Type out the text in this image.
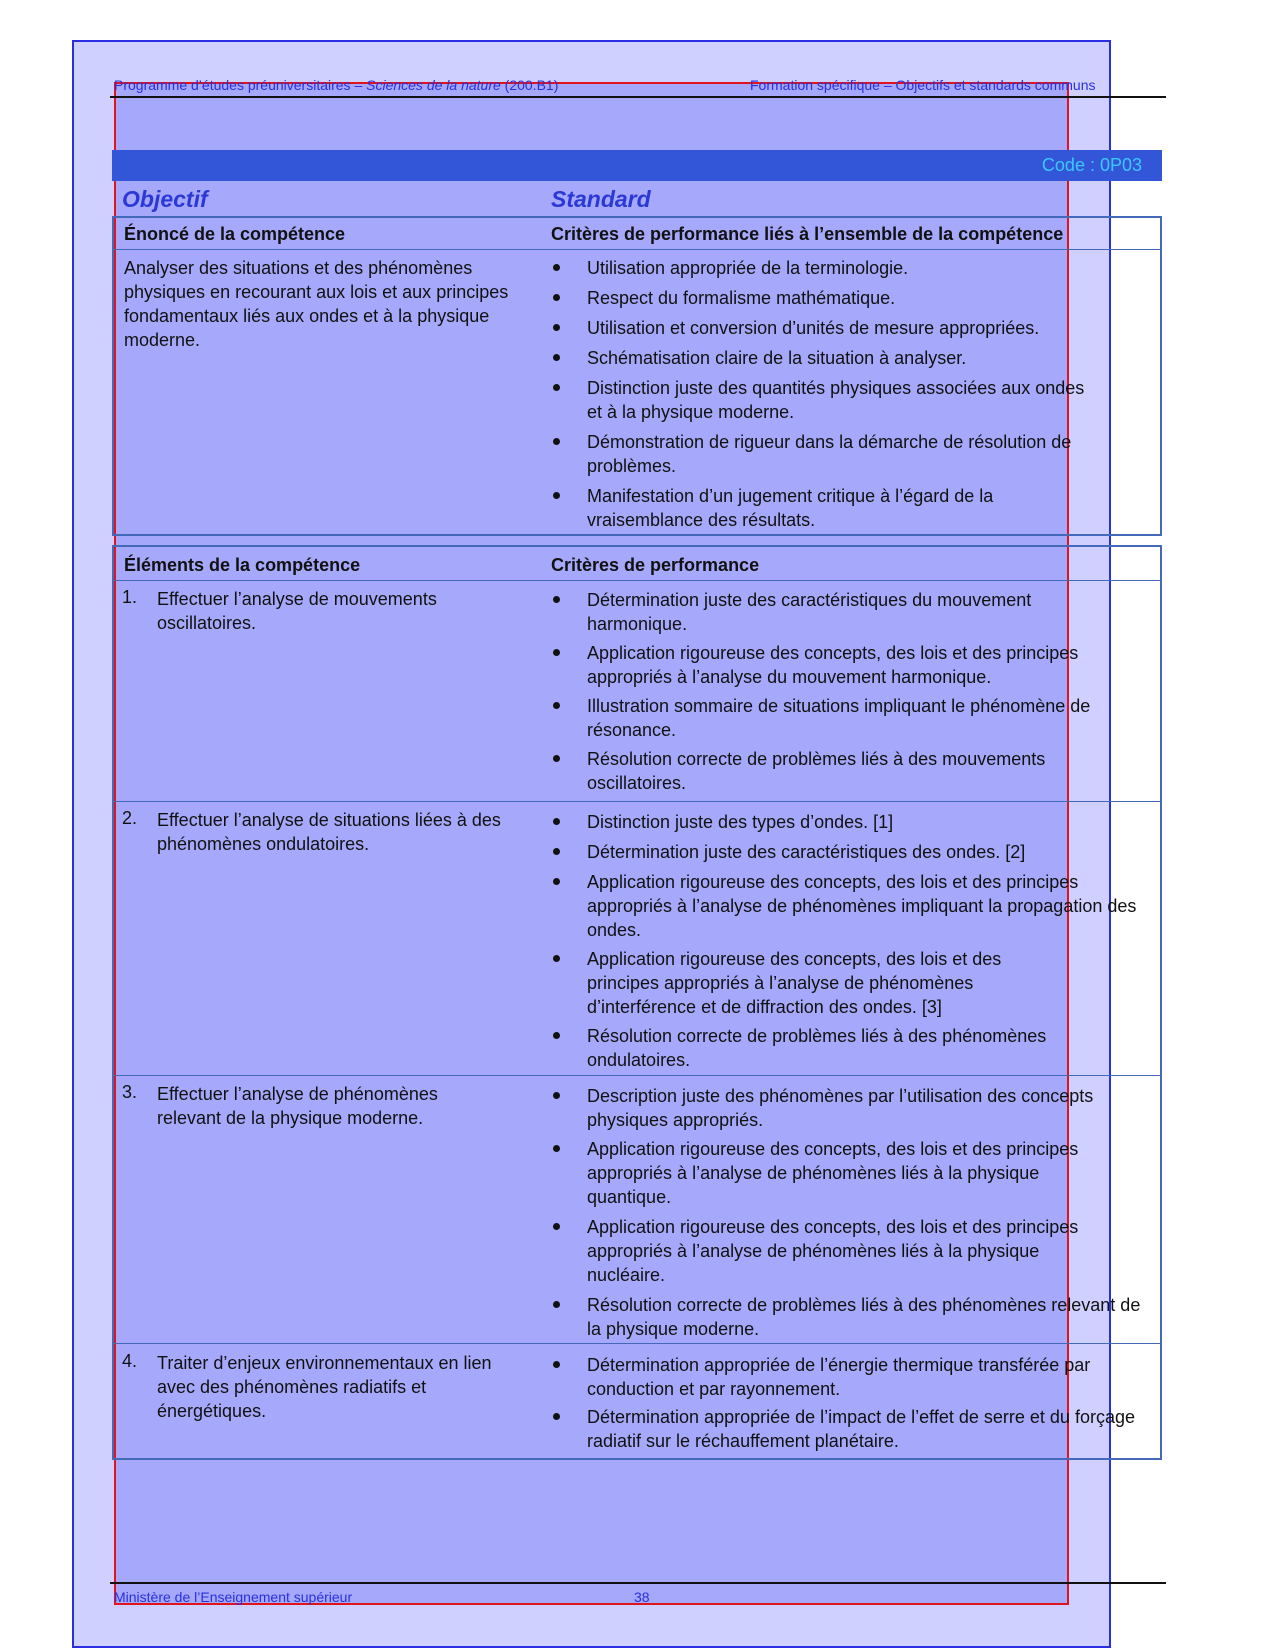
Programme d’études préuniversitaires – Sciences de la nature (200.B1)	Formation spécifique – Objectifs et standards communs
Code : 0P03
Objectif	Standard
Énoncé de la compétence	Critères de performance liés à l’ensemble de la compétence
Analyser des situations et des phénomènes physiques en recourant aux lois et aux principes fondamentaux liés aux ondes et à la physique moderne.
Utilisation appropriée de la terminologie.
Respect du formalisme mathématique.
Utilisation et conversion d’unités de mesure appropriées.
Schématisation claire de la situation à analyser.
Distinction juste des quantités physiques associées aux ondes et à la physique moderne.
Démonstration de rigueur dans la démarche de résolution de problèmes.
Manifestation d’un jugement critique à l’égard de la vraisemblance des résultats.
Éléments de la compétence	Critères de performance
1. Effectuer l’analyse de mouvements oscillatoires.
Détermination juste des caractéristiques du mouvement harmonique.
Application rigoureuse des concepts, des lois et des principes appropriés à l’analyse du mouvement harmonique.
Illustration sommaire de situations impliquant le phénomène de résonance.
Résolution correcte de problèmes liés à des mouvements oscillatoires.
2. Effectuer l’analyse de situations liées à des phénomènes ondulatoires.
Distinction juste des types d’ondes. [1]
Détermination juste des caractéristiques des ondes. [2]
Application rigoureuse des concepts, des lois et des principes appropriés à l’analyse de phénomènes impliquant la propagation des ondes.
Application rigoureuse des concepts, des lois et des principes appropriés à l’analyse de phénomènes d’interférence et de diffraction des ondes. [3]
Résolution correcte de problèmes liés à des phénomènes ondulatoires.
3. Effectuer l’analyse de phénomènes relevant de la physique moderne.
Description juste des phénomènes par l’utilisation des concepts physiques appropriés.
Application rigoureuse des concepts, des lois et des principes appropriés à l’analyse de phénomènes liés à la physique quantique.
Application rigoureuse des concepts, des lois et des principes appropriés à l’analyse de phénomènes liés à la physique nucléaire.
Résolution correcte de problèmes liés à des phénomènes relevant de la physique moderne.
4. Traiter d’enjeux environnementaux en lien avec des phénomènes radiatifs et énergétiques.
Détermination appropriée de l’énergie thermique transférée par conduction et par rayonnement.
Détermination appropriée de l’impact de l’effet de serre et du forçage radiatif sur le réchauffement planétaire.
Ministère de l’Enseignement supérieur	38
